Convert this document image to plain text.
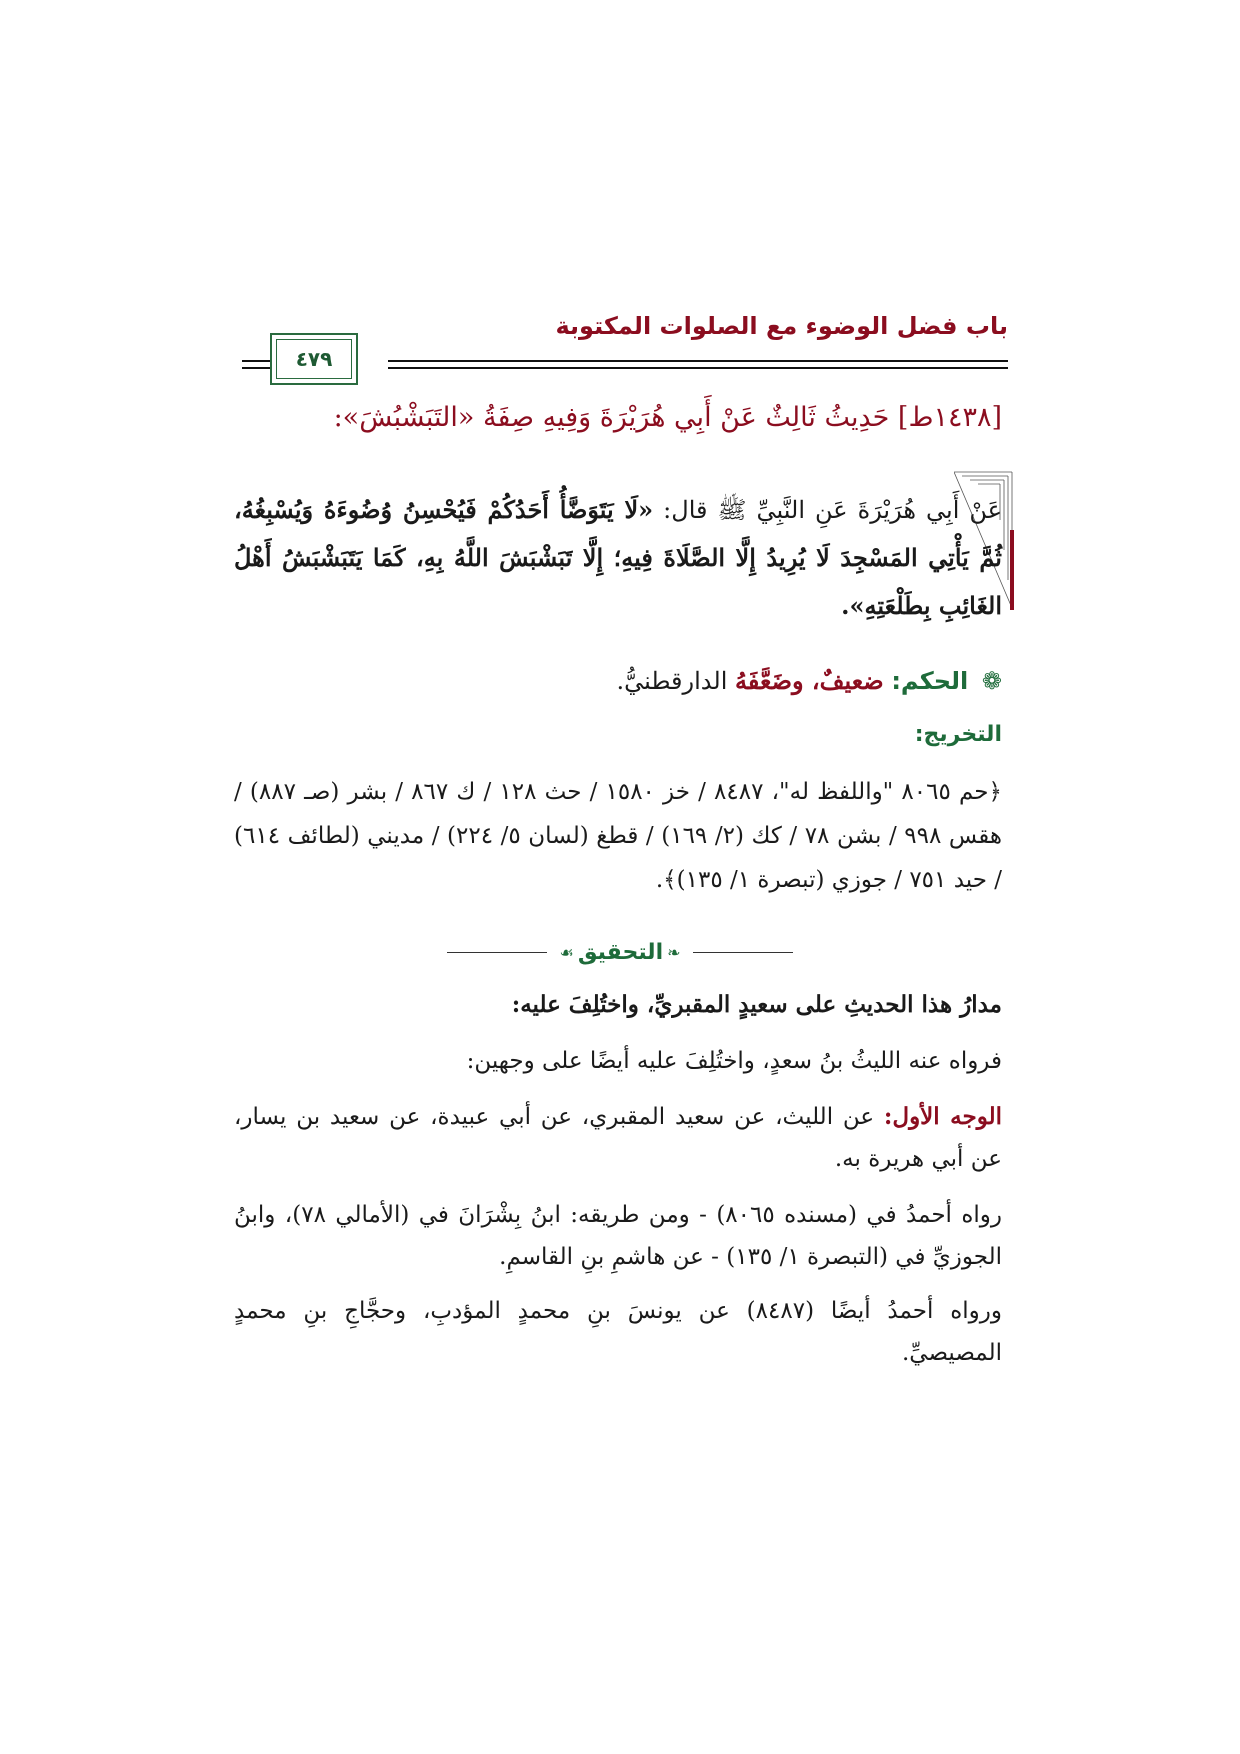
باب فضل الوضوء مع الصلوات المكتوبة
٤٧٩
[١٤٣٨ط] حَدِيثُ ثَالِثٌ عَنْ أَبِي هُرَيْرَةَ وَفِيهِ صِفَةُ «التَبَشْبُشَ»:
عَنْ أَبِي هُرَيْرَةَ عَنِ النَّبِيِّ ﷺ قال: «لَا يَتَوَضَّأُ أَحَدُكُمْ فَيُحْسِنُ وُضُوءَهُ وَيُسْبِغُهُ، ثُمَّ يَأْتِي المَسْجِدَ لَا يُرِيدُ إِلَّا الصَّلَاةَ فِيهِ؛ إِلَّا تَبَشْبَشَ اللَّهُ بِهِ، كَمَا يَتَبَشْبَشُ أَهْلُ الغَائِبِ بِطَلْعَتِهِ».
❁ الحكم: ضعيفٌ، وضَعَّفَهُ الدارقطنيُّ.
التخريج:
﴿حم ٨٠٦٥ "واللفظ له"، ٨٤٨٧ / خز ١٥٨٠ / حث ١٢٨ / ك ٨٦٧ / بشر (صـ ٨٨٧) / هقس ٩٩٨ / بشن ٧٨ / كك (٢/ ١٦٩) / قطغ (لسان ٥/ ٢٢٤) / مديني (لطائف ٦١٤) / حيد ٧٥١ / جوزي (تبصرة ١/ ١٣٥)﴾.
❧
التحقيق
☙
مدارُ هذا الحديثِ على سعيدٍ المقبريِّ، واختُلِفَ عليه:
فرواه عنه الليثُ بنُ سعدٍ، واختُلِفَ عليه أيضًا على وجهين:
الوجه الأول: عن الليث، عن سعيد المقبري، عن أبي عبيدة، عن سعيد بن يسار، عن أبي هريرة به.
رواه أحمدُ في (مسنده ٨٠٦٥) - ومن طريقه: ابنُ بِشْرَانَ في (الأمالي ٧٨)، وابنُ الجوزيِّ في (التبصرة ١/ ١٣٥) - عن هاشمِ بنِ القاسمِ.
ورواه أحمدُ أيضًا (٨٤٨٧) عن يونسَ بنِ محمدٍ المؤدبِ، وحجَّاجِ بنِ محمدٍ المصيصيِّ.
